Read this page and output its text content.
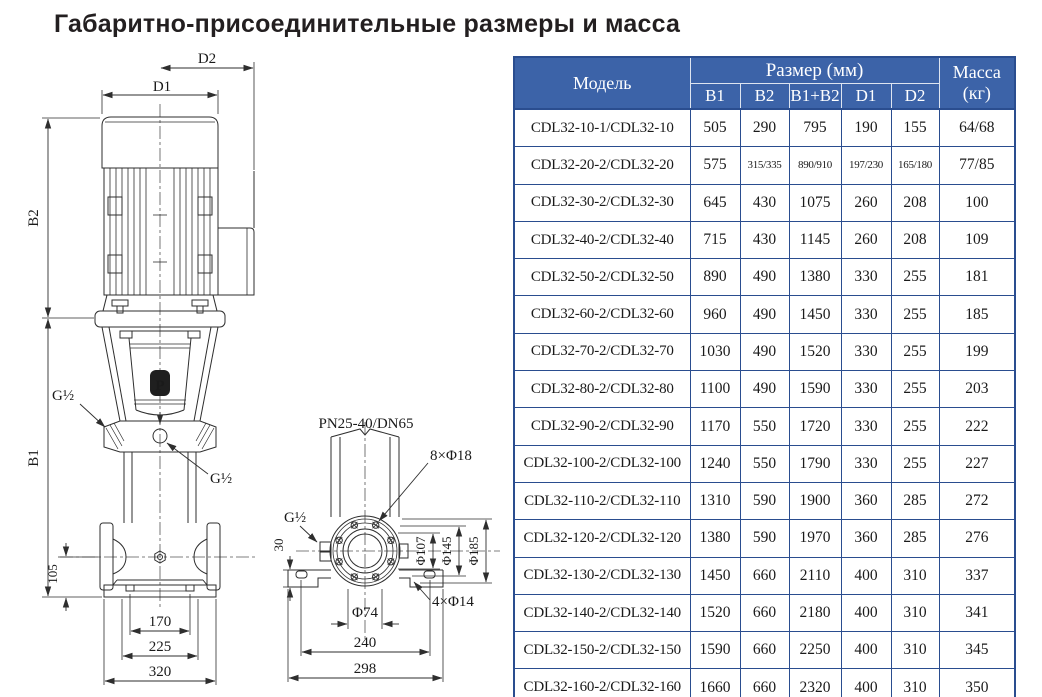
Габаритно-присоединительные размеры и масса
P
D1
D2
B2
B1
105
170
225
320
G½
G½
PN25-40/DN65
8×Φ18
G½
30	Φ107 Φ145 Φ185
Φ74
4×Φ14
240
298
Модель	Размер (мм)					Масса
(кг)

	B1	B2	B1+B2	D1	D2	
CDL32-10-1/CDL32-10	505	290	795	190	155	64/68
CDL32-20-2/CDL32-20	575	315/335	890/910	197/230	165/180	77/85
CDL32-30-2/CDL32-30	645	430	1075	260	208	100
CDL32-40-2/CDL32-40	715	430	1145	260	208	109
CDL32-50-2/CDL32-50	890	490	1380	330	255	181
CDL32-60-2/CDL32-60	960	490	1450	330	255	185
CDL32-70-2/CDL32-70	1030	490	1520	330	255	199
CDL32-80-2/CDL32-80	1100	490	1590	330	255	203
CDL32-90-2/CDL32-90	1170	550	1720	330	255	222
CDL32-100-2/CDL32-100	1240	550	1790	330	255	227
CDL32-110-2/CDL32-110	1310	590	1900	360	285	272
CDL32-120-2/CDL32-120	1380	590	1970	360	285	276
CDL32-130-2/CDL32-130	1450	660	2110	400	310	337
CDL32-140-2/CDL32-140	1520	660	2180	400	310	341
CDL32-150-2/CDL32-150	1590	660	2250	400	310	345
CDL32-160-2/CDL32-160	1660	660	2320	400	310	350
